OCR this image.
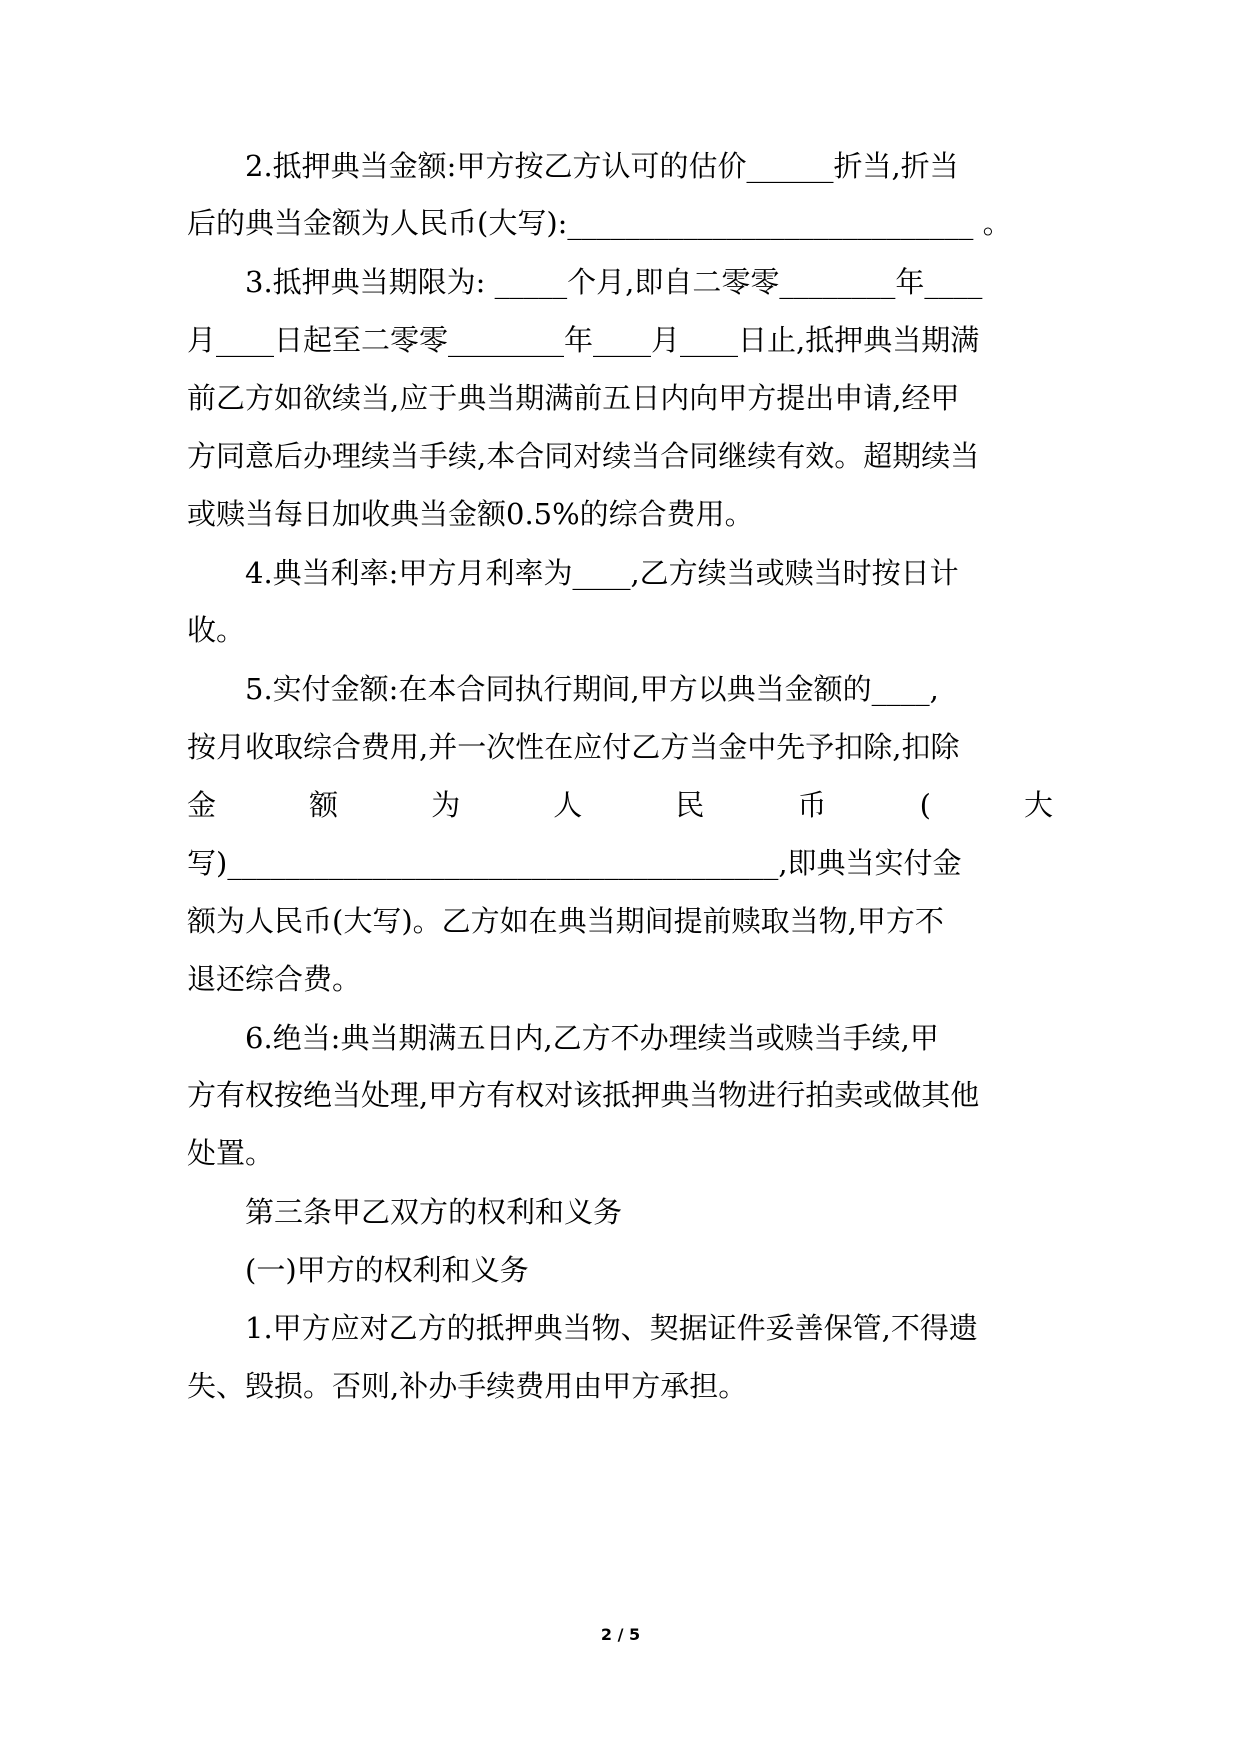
2.抵押典当金额:甲方按乙方认可的估价______折当,折当
后的典当金额为人民币(大写):____________________________ 。
3.抵押典当期限为: _____个月,即自二零零________年____
月____日起至二零零________年____月____日止,抵押典当期满
前乙方如欲续当,应于典当期满前五日内向甲方提出申请,经甲
方同意后办理续当手续,本合同对续当合同继续有效。超期续当
或赎当每日加收典当金额0.5%的综合费用。
4.典当利率:甲方月利率为____,乙方续当或赎当时按日计
收。
5.实付金额:在本合同执行期间,甲方以典当金额的____,
按月收取综合费用,并一次性在应付乙方当金中先予扣除,扣除
金	额	为	人	民	币	(	大
写)______________________________________,即典当实付金
额为人民币(大写)。乙方如在典当期间提前赎取当物,甲方不
退还综合费。
6.绝当:典当期满五日内,乙方不办理续当或赎当手续,甲
方有权按绝当处理,甲方有权对该抵押典当物进行拍卖或做其他
处置。
第三条甲乙双方的权利和义务
(一)甲方的权利和义务
1.甲方应对乙方的抵押典当物、契据证件妥善保管,不得遗
失、毁损。否则,补办手续费用由甲方承担。
2 / 5
